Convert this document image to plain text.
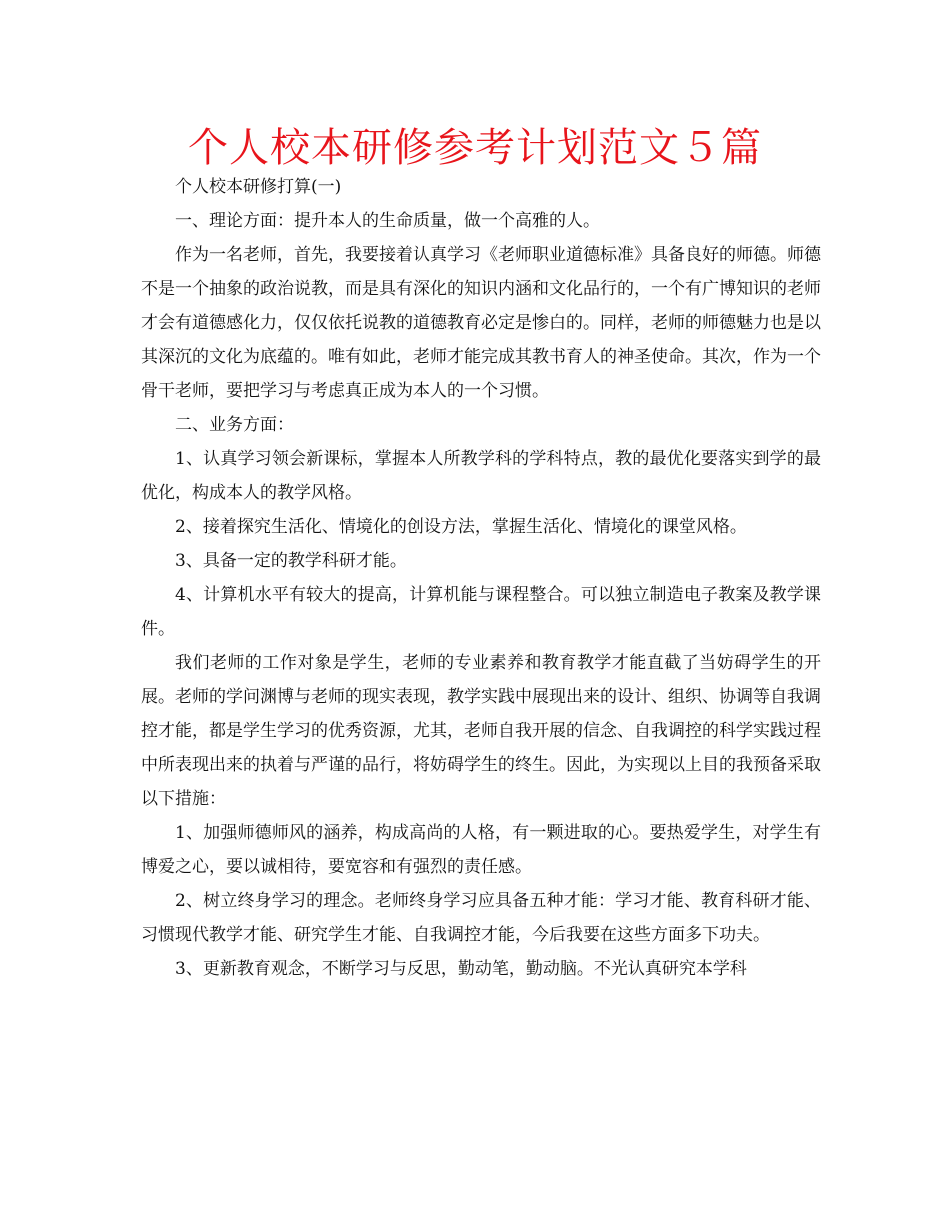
个人校本研修参考计划范文５篇

个人校本研修打算(一)

一、理论方面：提升本人的生命质量，做一个高雅的人。

作为一名老师，首先，我要接着认真学习《老师职业道德标准》具备良好的师德。师德不是一个抽象的政治说教，而是具有深化的知识内涵和文化品行的，一个有广博知识的老师才会有道德感化力，仅仅依托说教的道德教育必定是惨白的。同样，老师的师德魅力也是以其深沉的文化为底蕴的。唯有如此，老师才能完成其教书育人的神圣使命。其次，作为一个骨干老师，要把学习与考虑真正成为本人的一个习惯。

二、业务方面：

1、认真学习领会新课标，掌握本人所教学科的学科特点，教的最优化要落实到学的最优化，构成本人的教学风格。

2、接着探究生活化、情境化的创设方法，掌握生活化、情境化的课堂风格。

3、具备一定的教学科研才能。

4、计算机水平有较大的提高，计算机能与课程整合。可以独立制造电子教案及教学课件。

我们老师的工作对象是学生，老师的专业素养和教育教学才能直截了当妨碍学生的开展。老师的学问渊博与老师的现实表现，教学实践中展现出来的设计、组织、协调等自我调控才能，都是学生学习的优秀资源，尤其，老师自我开展的信念、自我调控的科学实践过程中所表现出来的执着与严谨的品行，将妨碍学生的终生。因此，为实现以上目的我预备采取以下措施：

1、加强师德师风的涵养，构成高尚的人格，有一颗进取的心。要热爱学生，对学生有博爱之心，要以诚相待，要宽容和有强烈的责任感。

2、树立终身学习的理念。老师终身学习应具备五种才能：学习才能、教育科研才能、习惯现代教学才能、研究学生才能、自我调控才能，今后我要在这些方面多下功夫。

3、更新教育观念，不断学习与反思，勤动笔，勤动脑。不光认真研究本学科
